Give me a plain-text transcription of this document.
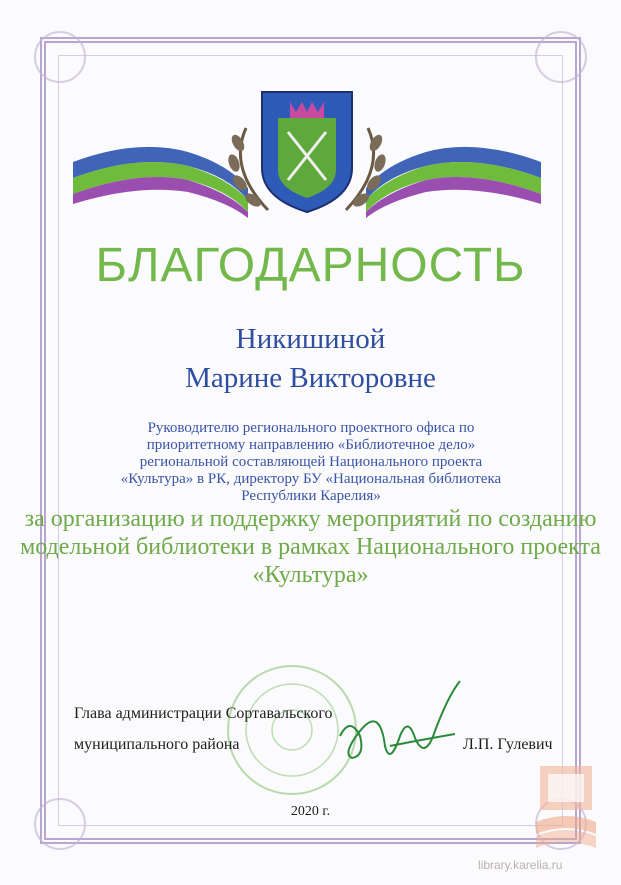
БЛАГОДАРНОСТЬ
Никишиной
Марине Викторовне
Руководителю регионального проектного офиса по приоритетному направлению «Библиотечное дело» региональной составляющей Национального проекта «Культура» в РК, директору БУ «Национальная библиотека Республики Карелия»
за организацию и поддержку мероприятий по созданию модельной библиотеки в рамках Национального проекта «Культура»
Глава администрации Сортавальского
муниципального района	Л.П. Гулевич
2020 г.
library.karelia.ru
